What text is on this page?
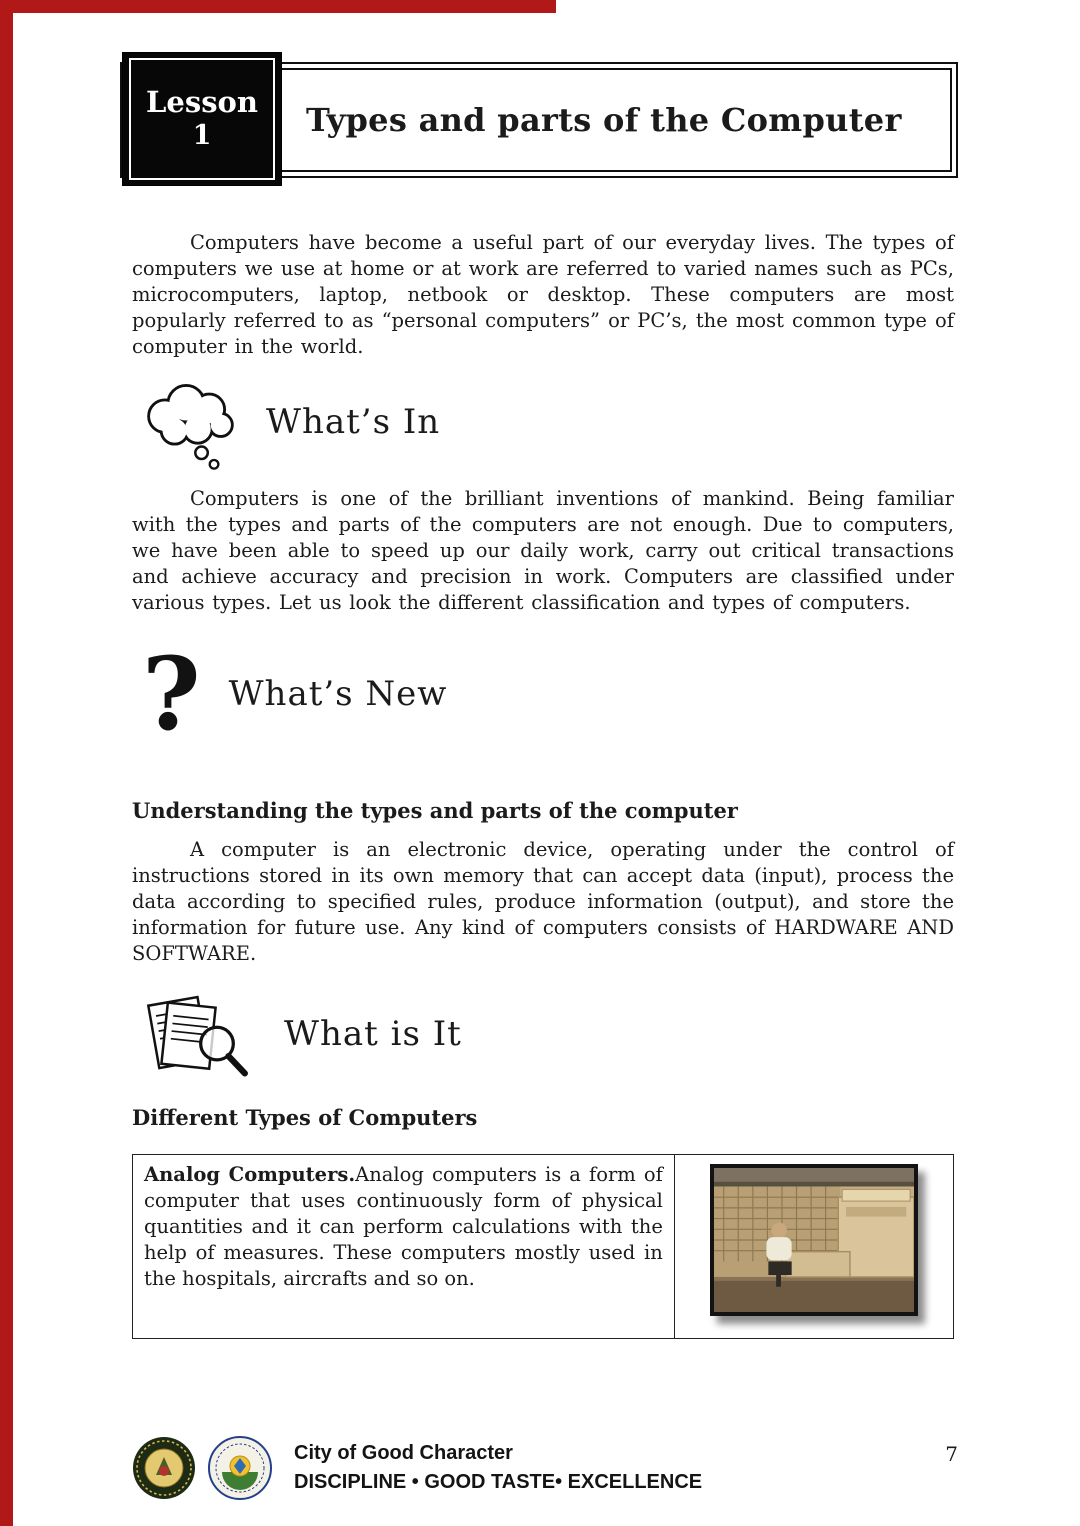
Types and parts of the Computer
Lesson
1

Computers have become a useful part of our everyday lives. The types of computers we use at home or at work are referred to varied names such as PCs, microcomputers, laptop, netbook or desktop. These computers are most popularly referred to as “personal computers” or PC’s, the most common type of computer in the world.

What’s In

Computers is one of the brilliant inventions of mankind. Being familiar with the types and parts of the computers are not enough. Due to computers, we have been able to speed up our daily work, carry out critical transactions and achieve accuracy and precision in work. Computers are classified under various types. Let us look the different classification and types of computers.

? What’s New
Understanding the types and parts of the computer

A computer is an electronic device, operating under the control of instructions stored in its own memory that can accept data (input), process the data according to specified rules, produce information (output), and store the information for future use. Any kind of computers consists of HARDWARE AND SOFTWARE.

What is It
Different Types of Computers
Analog Computers.Analog computers is a form of computer that uses continuously form of physical quantities and it can perform calculations with the help of measures. These computers mostly used in the hospitals, aircrafts and so on.	
City of Good Character
DISCIPLINE • GOOD TASTE• EXCELLENCE
7
